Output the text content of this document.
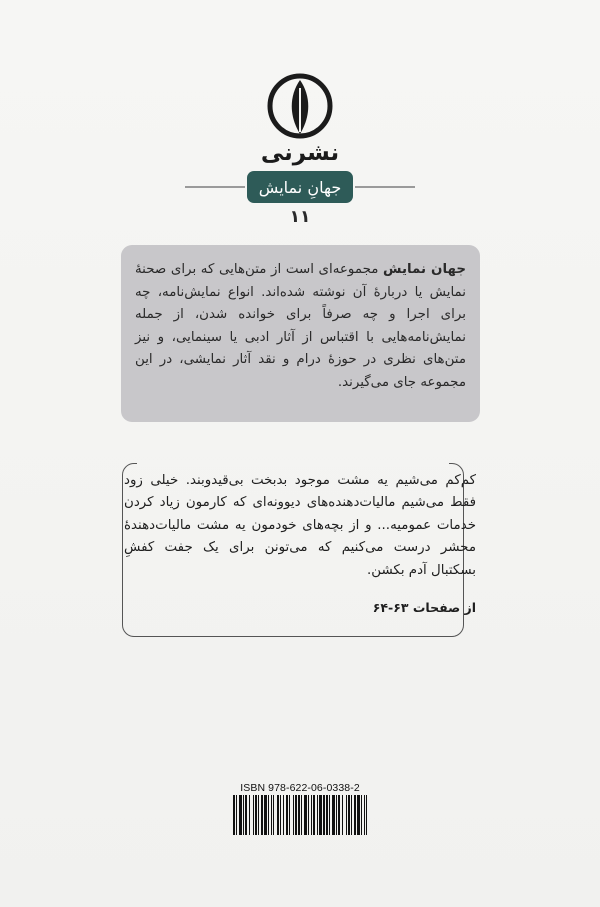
نشرنی
جهانِ نمایش
۱۱
جهان نمایش مجموعه‌ای است از متن‌هایی که برای صحنهٔ نمایش یا دربارهٔ آن نوشته شده‌اند. انواع نمایش‌نامه، چه برای اجرا و چه صرفاً برای خوانده شدن، از جمله نمایش‌نامه‌هایی با اقتباس از آثار ادبی یا سینمایی، و نیز متن‌های نظری در حوزهٔ درام و نقد آثار نمایشی، در این مجموعه جای می‌گیرند.
کم‌کم می‌شیم یه مشت موجود بدبخت بی‌قیدوبند. خیلی زود فقط می‌شیم مالیات‌دهنده‌های دیوونه‌ای که کارمون زیاد کردن خدمات عمومیه... و از بچه‌های خودمون یه مشت مالیات‌دهندهٔ محشر درست می‌کنیم که می‌تونن برای یک جفت کفشِ بسکتبال آدم بکشن.
از صفحات ۶۳-۶۴
ISBN 978-622-06-0338-2
